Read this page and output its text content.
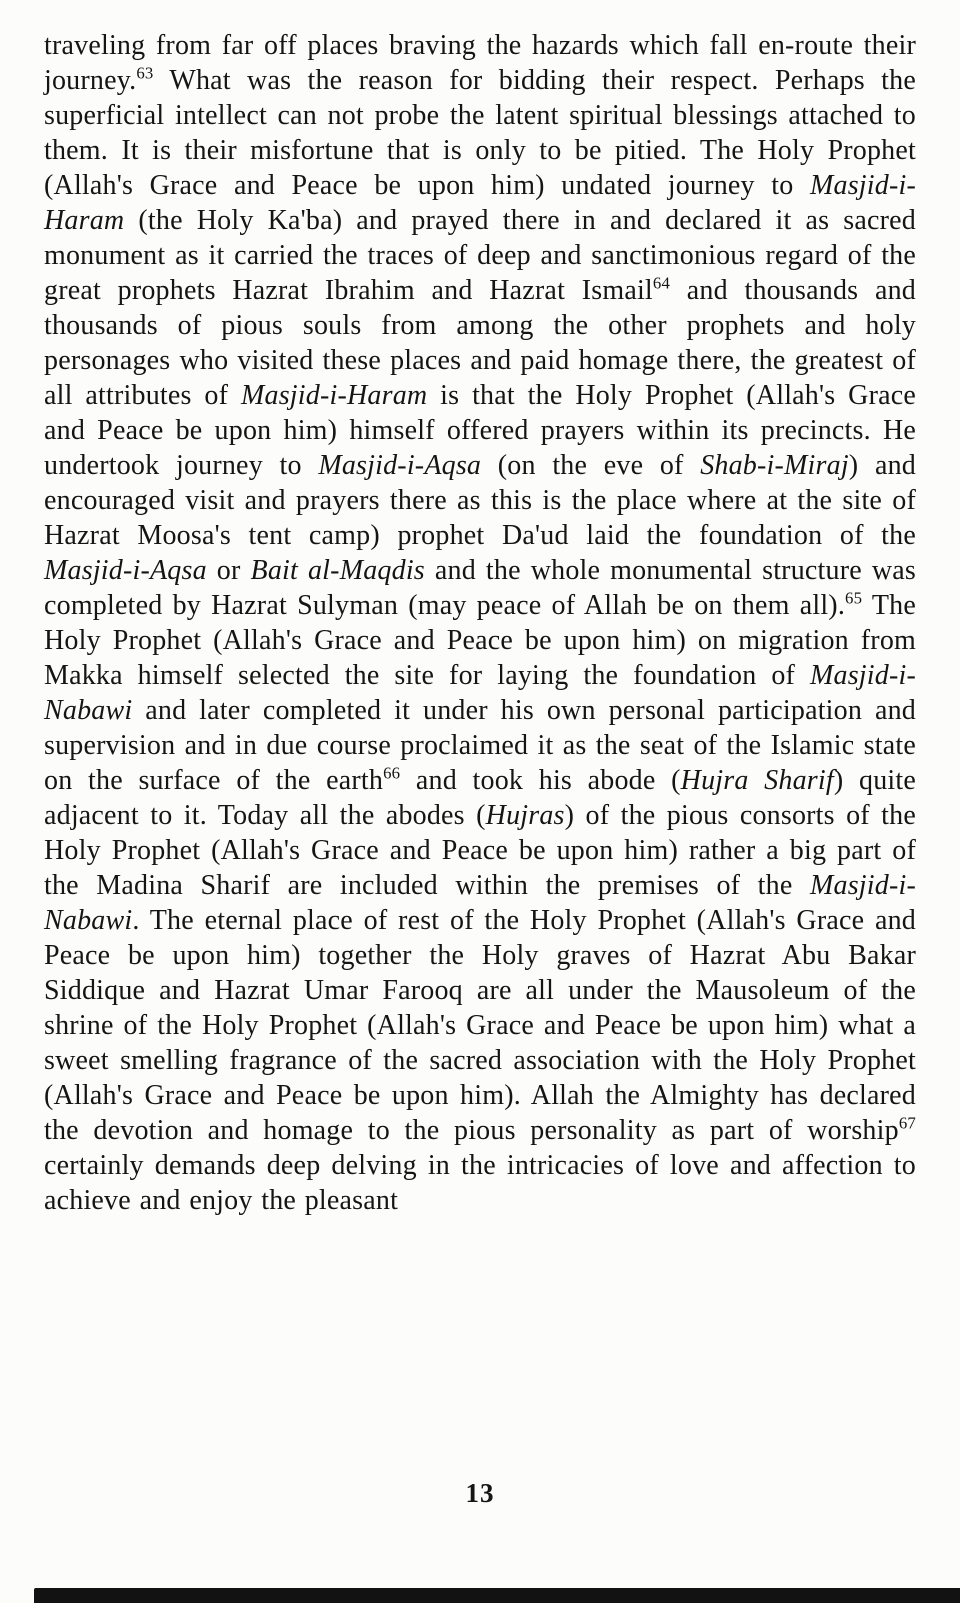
traveling from far off places braving the hazards which fall en-route their journey.$^{63}$ What was the reason for bidding their respect. Perhaps the superficial intellect can not probe the latent spiritual blessings attached to them. It is their misfortune that is only to be pitied. The Holy Prophet (Allah's Grace and Peace be upon him) undated journey to Masjid-i-Haram (the Holy Ka'ba) and prayed there in and declared it as sacred monument as it carried the traces of deep and sanctimonious regard of the great prophets Hazrat Ibrahim and Hazrat Ismail$^{64}$ and thousands and thousands of pious souls from among the other prophets and holy personages who visited these places and paid homage there, the greatest of all attributes of Masjid-i-Haram is that the Holy Prophet (Allah's Grace and Peace be upon him) himself offered prayers within its precincts. He undertook journey to Masjid-i-Aqsa (on the eve of Shab-i-Miraj) and encouraged visit and prayers there as this is the place where at the site of Hazrat Moosa's tent camp) prophet Da'ud laid the foundation of the Masjid-i-Aqsa or Bait al-Maqdis and the whole monumental structure was completed by Hazrat Sulyman (may peace of Allah be on them all).$^{65}$ The Holy Prophet (Allah's Grace and Peace be upon him) on migration from Makka himself selected the site for laying the foundation of Masjid-i-Nabawi and later completed it under his own personal participation and supervision and in due course proclaimed it as the seat of the Islamic state on the surface of the earth$^{66}$ and took his abode (Hujra Sharif) quite adjacent to it. Today all the abodes (Hujras) of the pious consorts of the Holy Prophet (Allah's Grace and Peace be upon him) rather a big part of the Madina Sharif are included within the premises of the Masjid-i-Nabawi. The eternal place of rest of the Holy Prophet (Allah's Grace and Peace be upon him) together the Holy graves of Hazrat Abu Bakar Siddique and Hazrat Umar Farooq are all under the Mausoleum of the shrine of the Holy Prophet (Allah's Grace and Peace be upon him) what a sweet smelling fragrance of the sacred association with the Holy Prophet (Allah's Grace and Peace be upon him). Allah the Almighty has declared the devotion and homage to the pious personality as part of worship$^{67}$ certainly demands deep delving in the intricacies of love and affection to achieve and enjoy the pleasant

13
